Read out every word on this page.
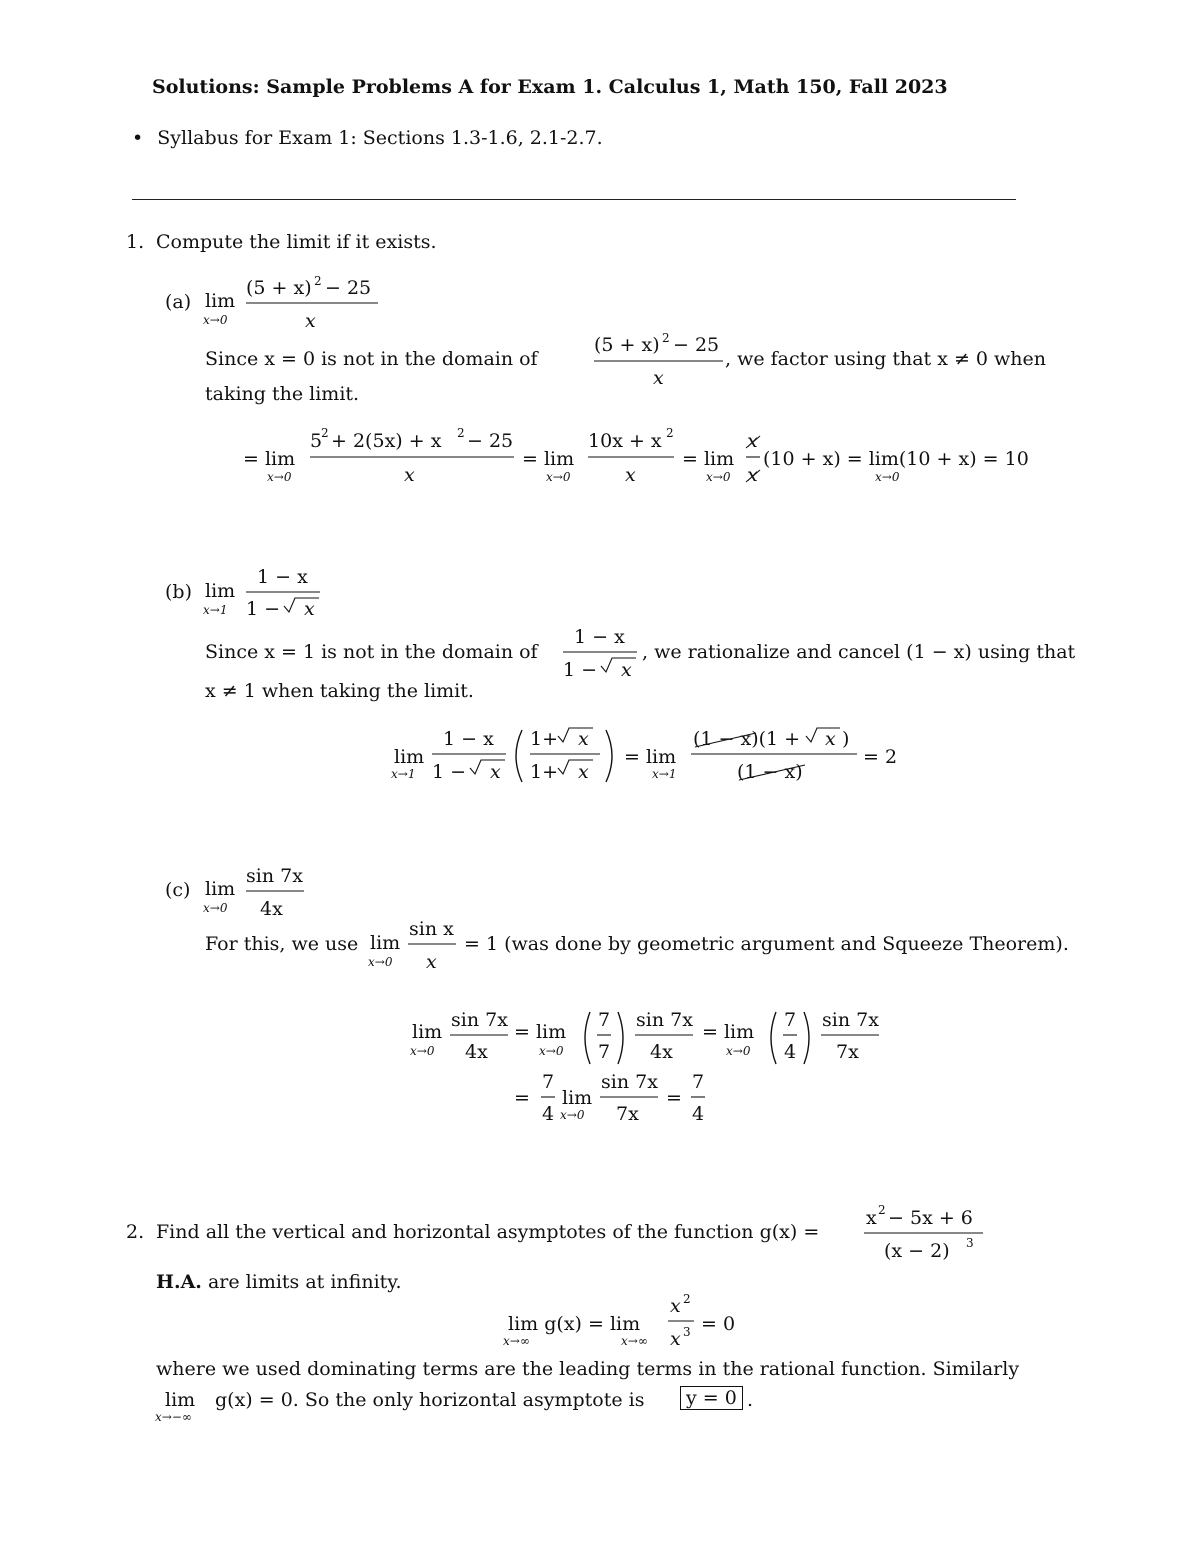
Solutions: Sample Problems A for Exam 1. Calculus 1, Math 150, Fall 2023
• Syllabus for Exam 1: Sections 1.3-1.6, 2.1-2.7.
1. Compute the limit if it exists.
(a)
Since x = 0 is not in the domain of	, we factor using that x ≠ 0 when
taking the limit.
(b)
Since x = 1 is not in the domain of	, we rationalize and cancel (1 − x) using that
x ≠ 1 when taking the limit.
(c)
For this, we use	= 1 (was done by geometric argument and Squeeze Theorem).
2. Find all the vertical and horizontal asymptotes of the function g(x) =
H.A. are limits at infinity.
where we used dominating terms are the leading terms in the rational function. Similarly
g(x) = 0. So the only horizontal asymptote is	y = 0 .
lim
x→0
(5 + x) 2 − 25
x
(5 + x) 2 − 25
x
= lim
x→0
5
2 + 2(5x) + x 2 − 25
x
= lim
x→0
10x + x 2
x
= lim
x→0
x
x
(10 + x) = lim(10 + x) = 10
x→0
lim
x→1
1 − x
1 − x
1 − x
1 − x
lim
x→1
1 − x
1 − x
1+ x
1+ x
= lim
x→1
(1 − x)(1 + x )
(1 − x)
= 2
lim
x→0
sin 7x
4x
lim
x→0
sin x
x
lim
x→0
sin 7x
4x
= lim
x→0
7
7
sin 7x
4x
= lim
x→0
7
4
sin 7x
7x
=
7
4
lim
x→0
sin 7x
7x
=
7
4
x 2 − 5x + 6
(x − 2) 3
lim g(x) = lim
x→∞	x→∞
x 2
x 3 = 0
lim
x→−∞
